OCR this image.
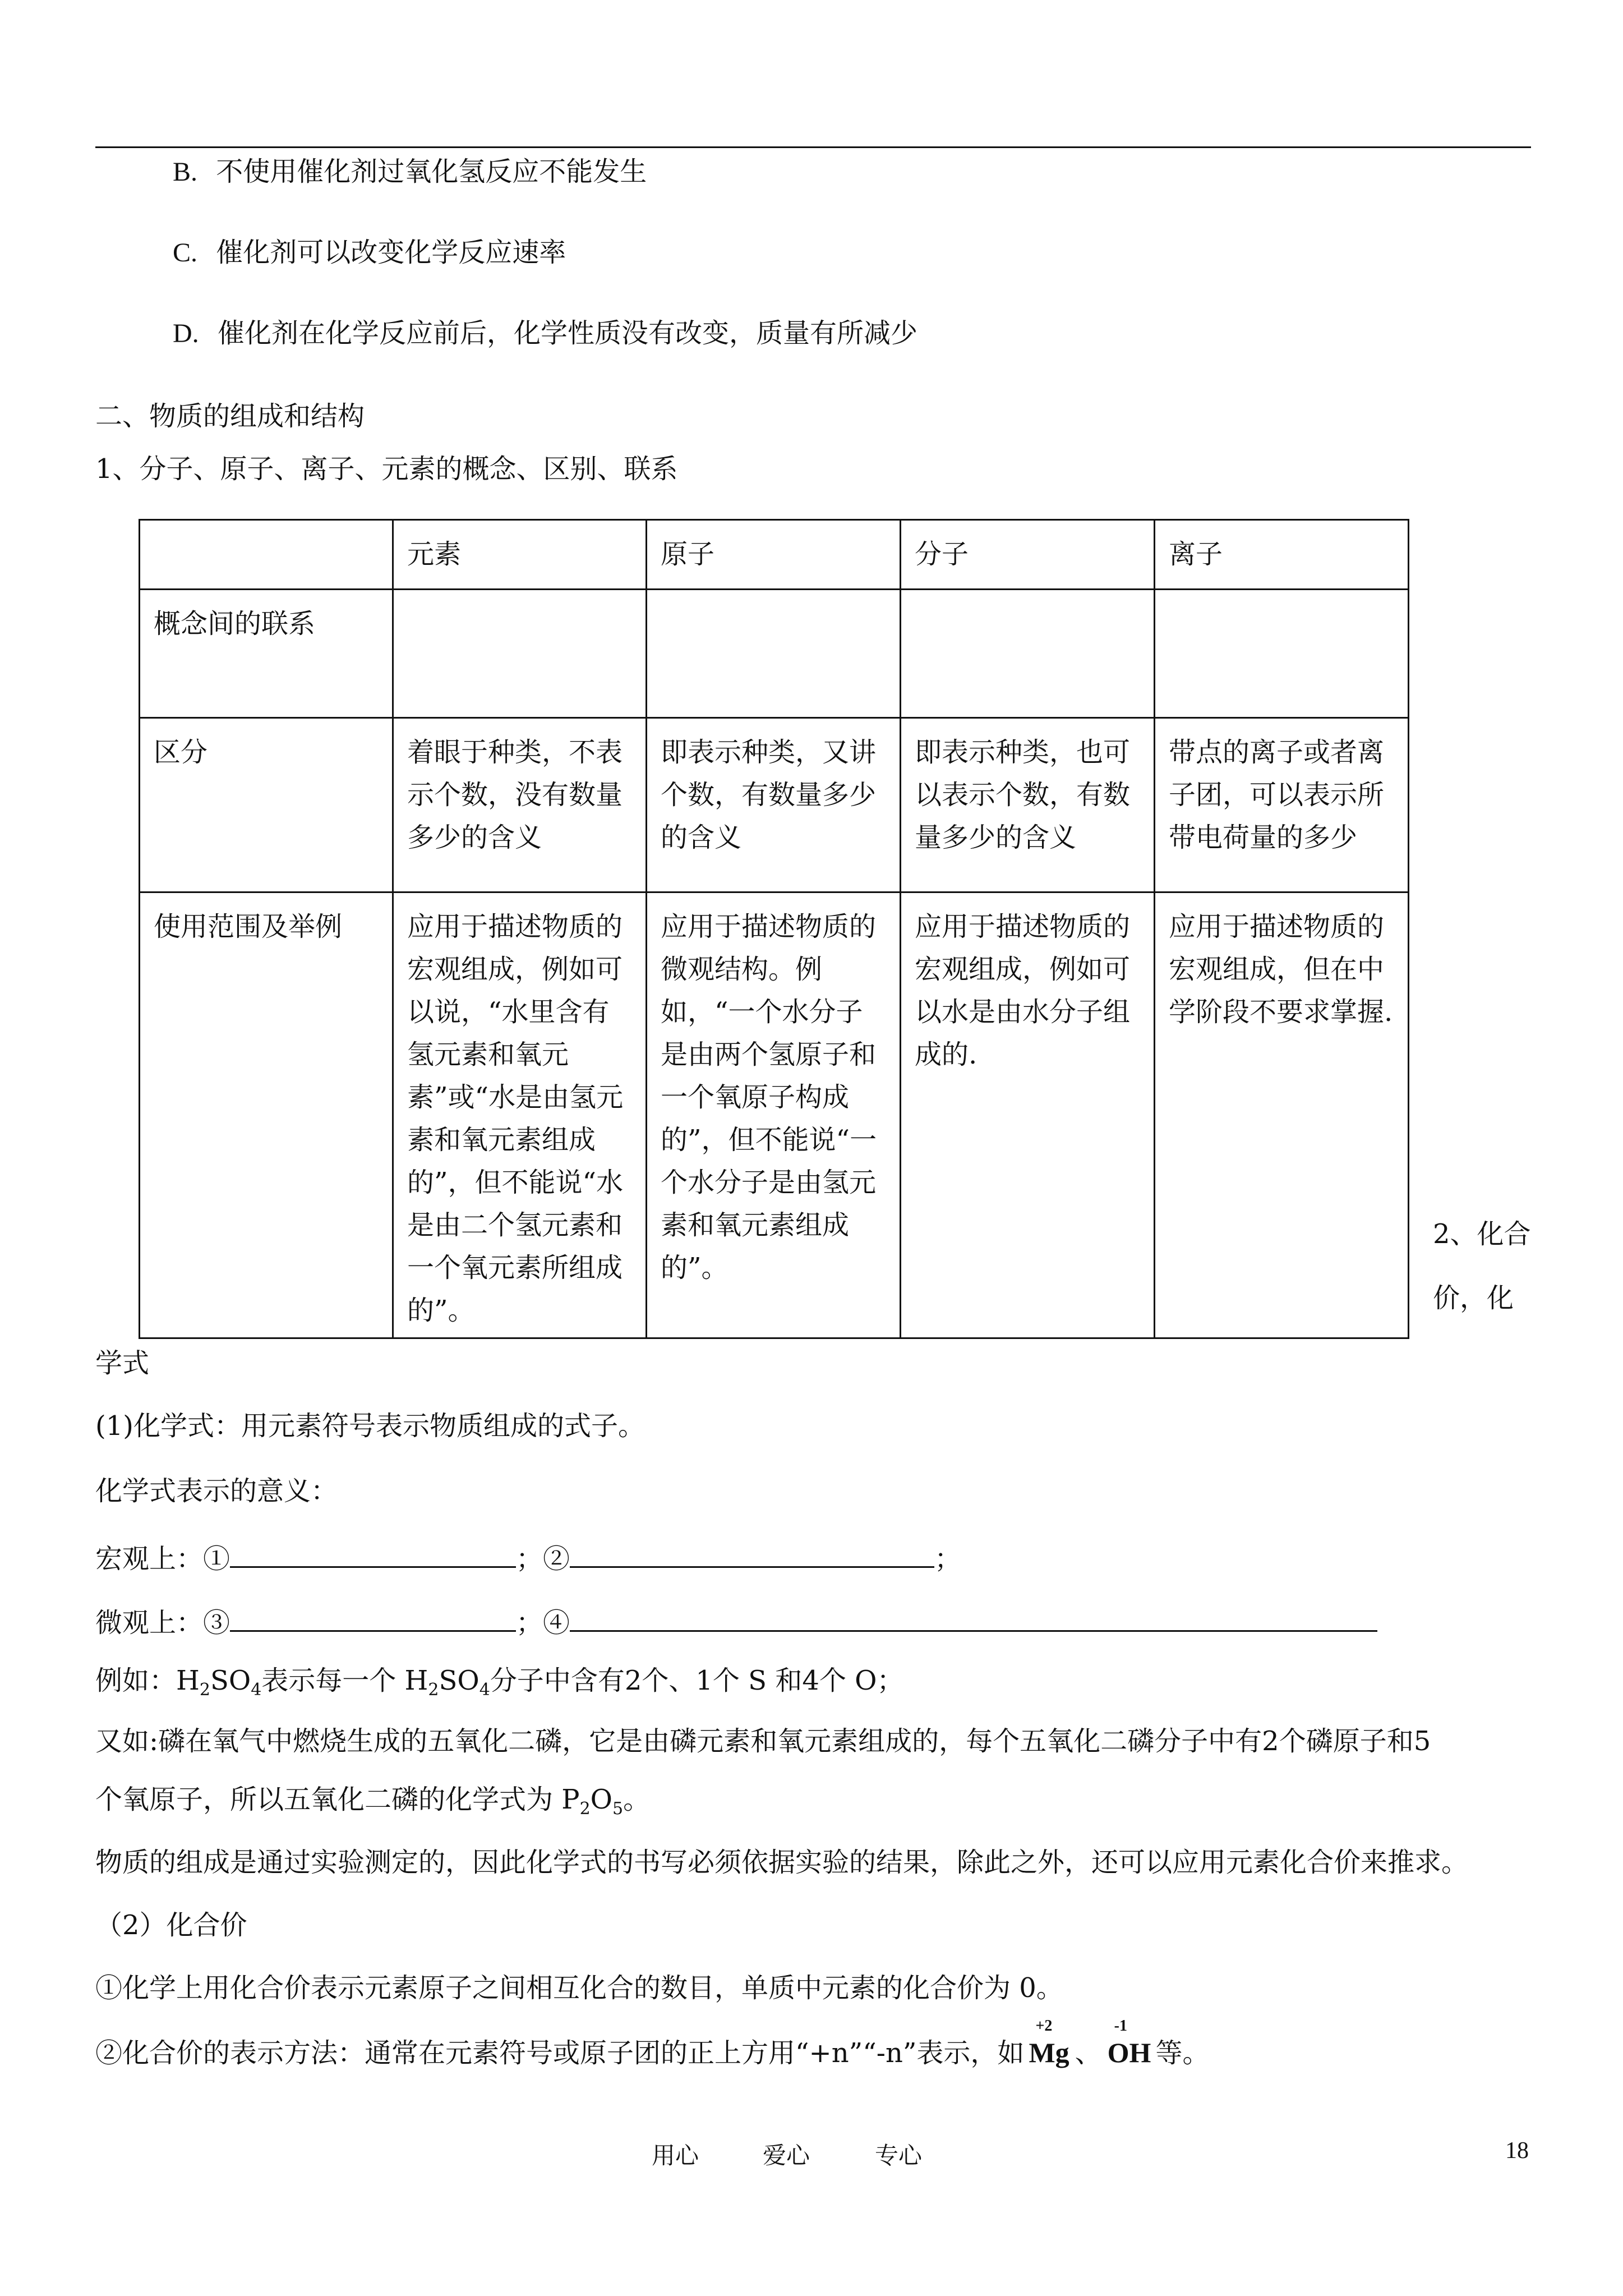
B. 不使用催化剂过氧化氢反应不能发生
C. 催化剂可以改变化学反应速率
D. 催化剂在化学反应前后，化学性质没有改变，质量有所减少
二、物质的组成和结构
1、分子、原子、离子、元素的概念、区别、联系
	元素	原子	分子	离子
概念间的联系				
区分	着眼于种类，不表示个数，没有数量多少的含义	即表示种类，又讲个数，有数量多少的含义	即表示种类，也可以表示个数，有数量多少的含义	带点的离子或者离子团，可以表示所带电荷量的多少
使用范围及举例	应用于描述物质的宏观组成，例如可以说，“水里含有氢元素和氧元素”或“水是由氢元素和氧元素组成的”，但不能说“水是由二个氢元素和一个氧元素所组成的”。	应用于描述物质的微观结构。例如，“一个水分子是由两个氢原子和一个氧原子构成的”，但不能说“一个水分子是由氢元素和氧元素组成的”。	应用于描述物质的宏观组成，例如可以水是由水分子组成的.	应用于描述物质的宏观组成，但在中学阶段不要求掌握.
2、化合
价，化
学式
(1)化学式：用元素符号表示物质组成的式子。
化学式表示的意义：
宏观上：①	；②	；
微观上：③	；④
例如：$H_2SO_4$表示每一个 $H_2SO_4$分子中含有2个、1个 S 和4个 O；
又如:磷在氧气中燃烧生成的五氧化二磷，它是由磷元素和氧元素组成的，每个五氧化二磷分子中有2个磷原子和5
个氧原子，所以五氧化二磷的化学式为 $P_2O_5$。
物质的组成是通过实验测定的，因此化学式的书写必须依据实验的结果，除此之外，还可以应用元素化合价来推求。
（2）化合价
①化学上用化合价表示元素原子之间相互化合的数目，单质中元素的化合价为 0。
②化合价的表示方法：通常在元素符号或原子团的正上方用“+n”“-n”表示，如
+2
Mg 、
-1
OH 等。
用心	爱心	专心	18
